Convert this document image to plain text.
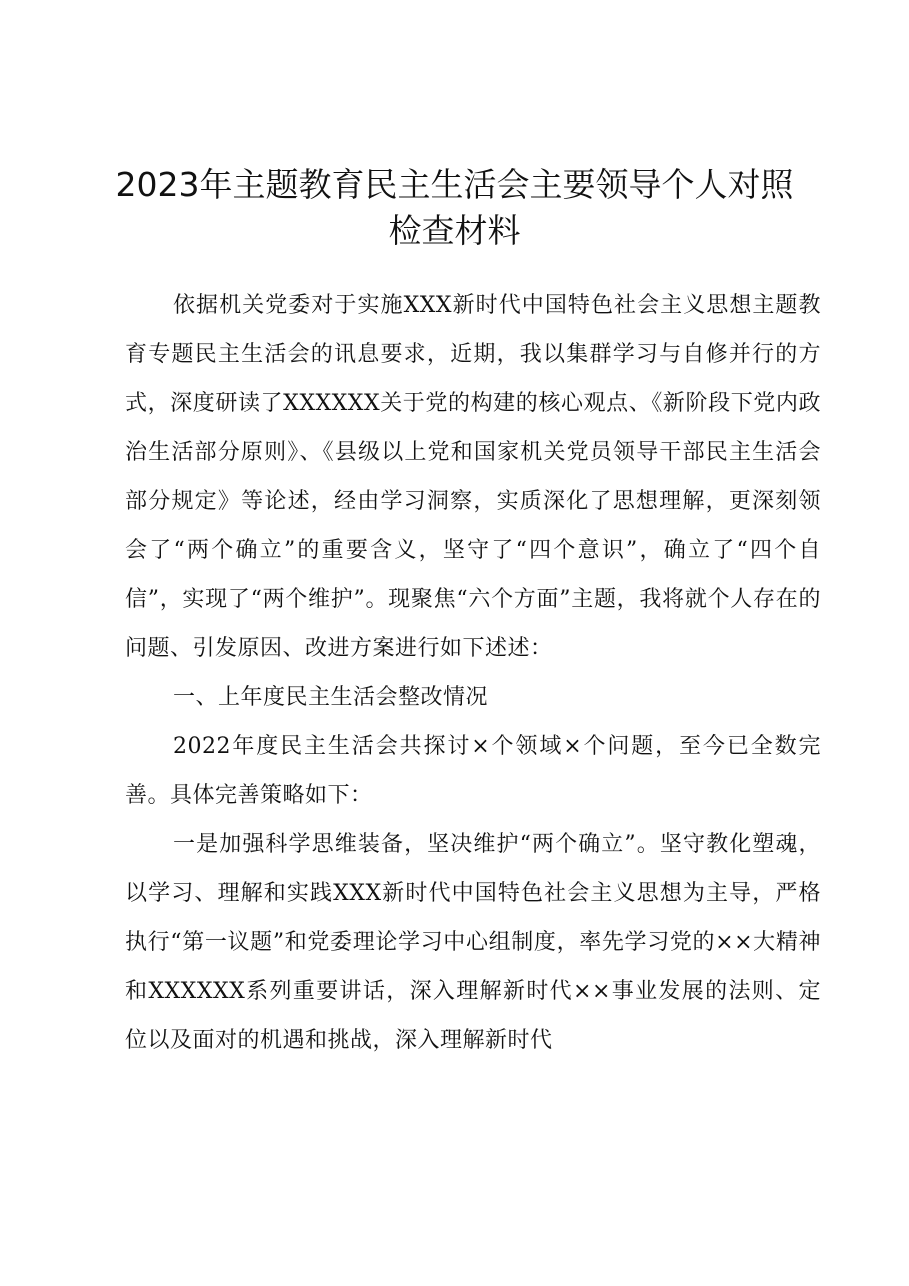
2023年主题教育民主生活会主要领导个人对照
检查材料

依据机关党委对于实施XXX新时代中国特色社会主义思想主题教育专题民主生活会的讯息要求，近期，我以集群学习与自修并行的方式，深度研读了XXXXXX关于党的构建的核心观点、《新阶段下党内政治生活部分原则》、《县级以上党和国家机关党员领导干部民主生活会部分规定》等论述，经由学习洞察，实质深化了思想理解，更深刻领会了“两个确立”的重要含义，坚守了“四个意识”，确立了“四个自信”，实现了“两个维护”。现聚焦“六个方面”主题，我将就个人存在的问题、引发原因、改进方案进行如下述述：

一、上年度民主生活会整改情况

2022年度民主生活会共探讨×个领域×个问题，至今已全数完善。具体完善策略如下：

一是加强科学思维装备，坚决维护“两个确立”。坚守教化塑魂，以学习、理解和实践XXX新时代中国特色社会主义思想为主导，严格执行“第一议题”和党委理论学习中心组制度，率先学习党的××大精神和XXXXXX系列重要讲话，深入理解新时代××事业发展的法则、定位以及面对的机遇和挑战，深入理解新时代
